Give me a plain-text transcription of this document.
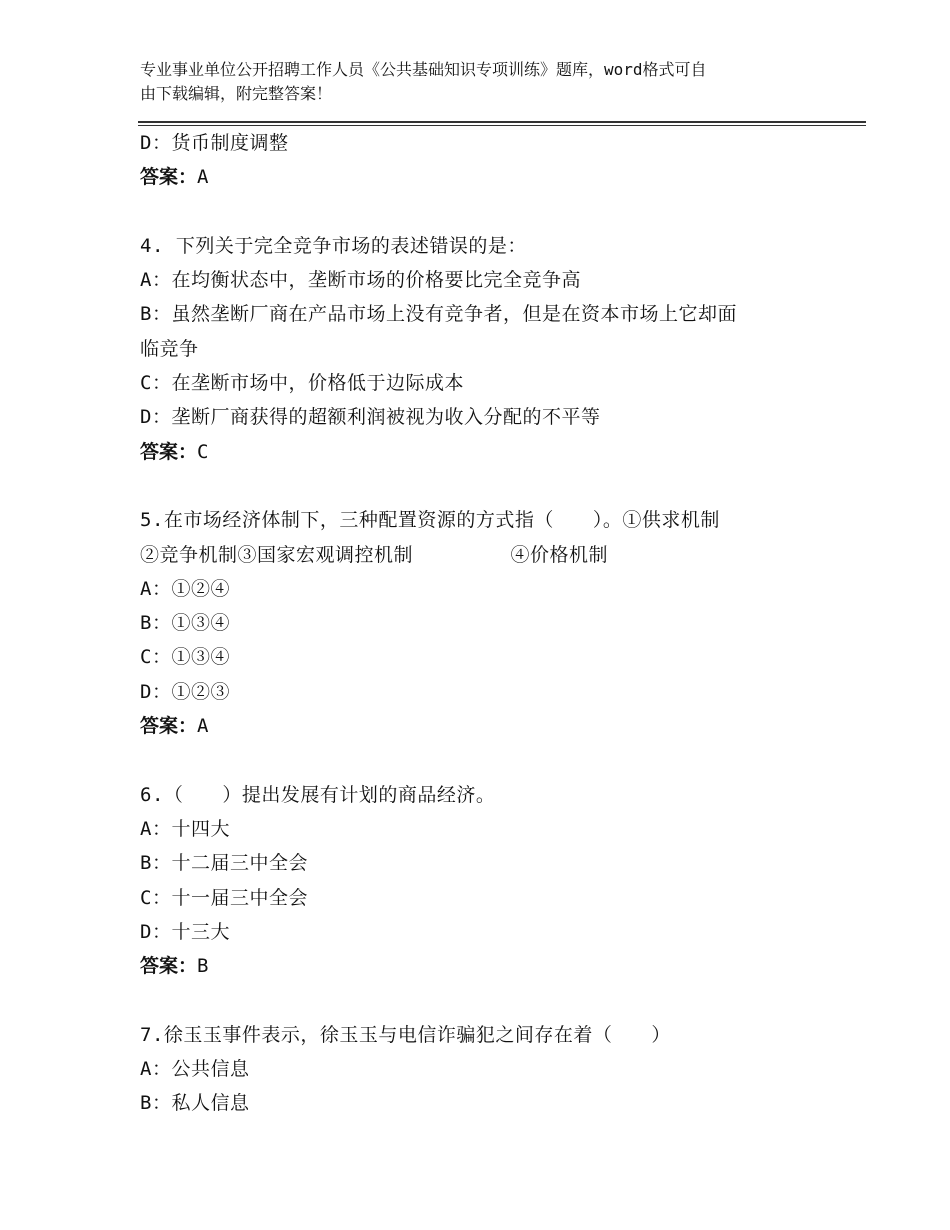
专业事业单位公开招聘工作人员《公共基础知识专项训练》题库，word格式可自
由下载编辑，附完整答案！
D：货币制度调整
答案：A
4. 下列关于完全竞争市场的表述错误的是：
A：在均衡状态中，垄断市场的价格要比完全竞争高
B：虽然垄断厂商在产品市场上没有竞争者，但是在资本市场上它却面
临竞争
C：在垄断市场中，价格低于边际成本
D：垄断厂商获得的超额利润被视为收入分配的不平等
答案：C
5.在市场经济体制下，三种配置资源的方式指（　　）。①供求机制
②竞争机制③国家宏观调控机制　　　　　④价格机制
A：①②④
B：①③④
C：①③④
D：①②③
答案：A
6.（　　）提出发展有计划的商品经济。
A：十四大
B：十二届三中全会
C：十一届三中全会
D：十三大
答案：B
7.徐玉玉事件表示，徐玉玉与电信诈骗犯之间存在着（　　）
A：公共信息
B：私人信息
